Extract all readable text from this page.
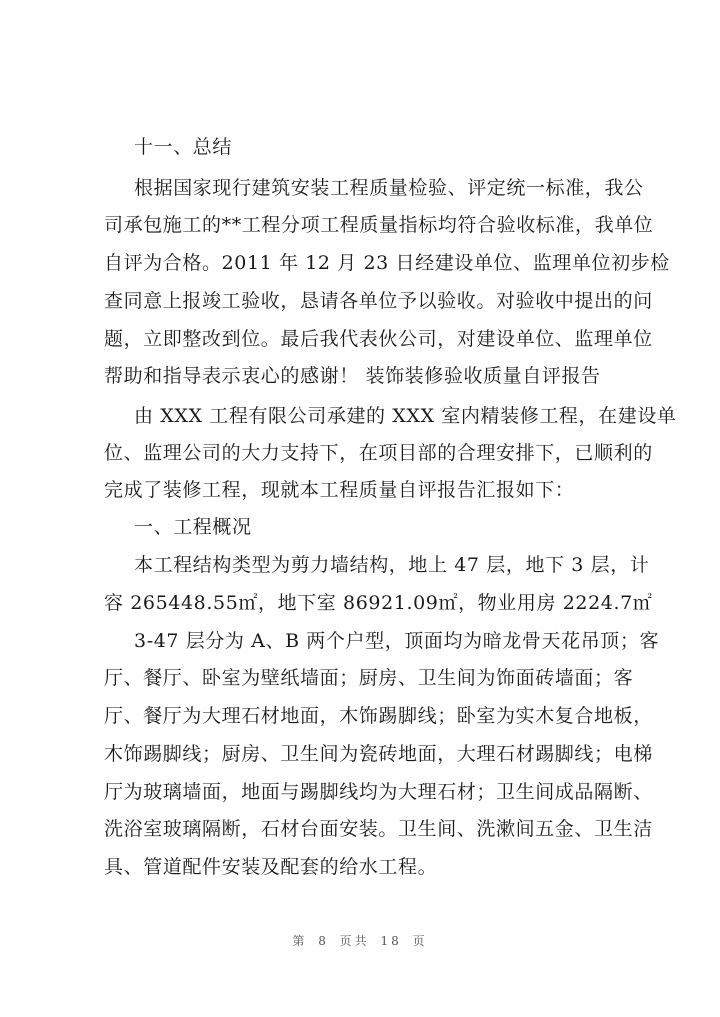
十一、总结
根据国家现行建筑安装工程质量检验、评定统一标准，我公
司承包施工的**工程分项工程质量指标均符合验收标准，我单位
自评为合格。2011 年 12 月 23 日经建设单位、监理单位初步检
查同意上报竣工验收，恳请各单位予以验收。对验收中提出的问
题，立即整改到位。最后我代表伙公司，对建设单位、监理单位
帮助和指导表示衷心的感谢！ 装饰装修验收质量自评报告
由 XXX 工程有限公司承建的 XXX 室内精装修工程，在建设单
位、监理公司的大力支持下，在项目部的合理安排下，已顺利的
完成了装修工程，现就本工程质量自评报告汇报如下：
一、工程概况
本工程结构类型为剪力墙结构，地上 47 层，地下 3 层，计
容 265448.55㎡，地下室 86921.09㎡，物业用房 2224.7㎡
3-47 层分为 A、B 两个户型，顶面均为暗龙骨天花吊顶；客
厅、餐厅、卧室为壁纸墙面；厨房、卫生间为饰面砖墙面；客
厅、餐厅为大理石材地面，木饰踢脚线；卧室为实木复合地板，
木饰踢脚线；厨房、卫生间为瓷砖地面，大理石材踢脚线；电梯
厅为玻璃墙面，地面与踢脚线均为大理石材；卫生间成品隔断、
洗浴室玻璃隔断，石材台面安装。卫生间、洗漱间五金、卫生洁
具、管道配件安装及配套的给水工程。
第 8 页共 18 页
